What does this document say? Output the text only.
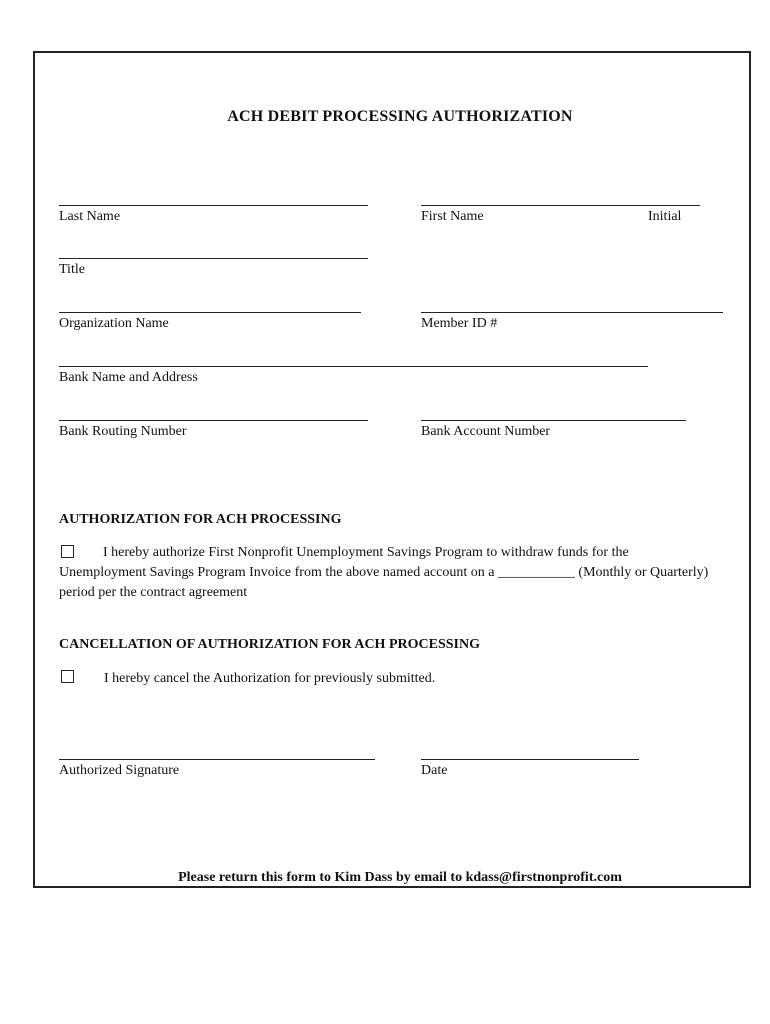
ACH DEBIT PROCESSING AUTHORIZATION
Last Name	First Name	Initial
Title
Organization Name	Member ID #
Bank Name and Address
Bank Routing Number	Bank Account Number
AUTHORIZATION FOR ACH PROCESSING
I hereby authorize First Nonprofit Unemployment Savings Program to withdraw funds for the Unemployment Savings Program Invoice from the above named account on a ___________ (Monthly or Quarterly) period per the contract agreement
CANCELLATION OF AUTHORIZATION FOR ACH PROCESSING
I hereby cancel the Authorization for previously submitted.
Authorized Signature	Date
Please return this form to Kim Dass by email to kdass@firstnonprofit.com
